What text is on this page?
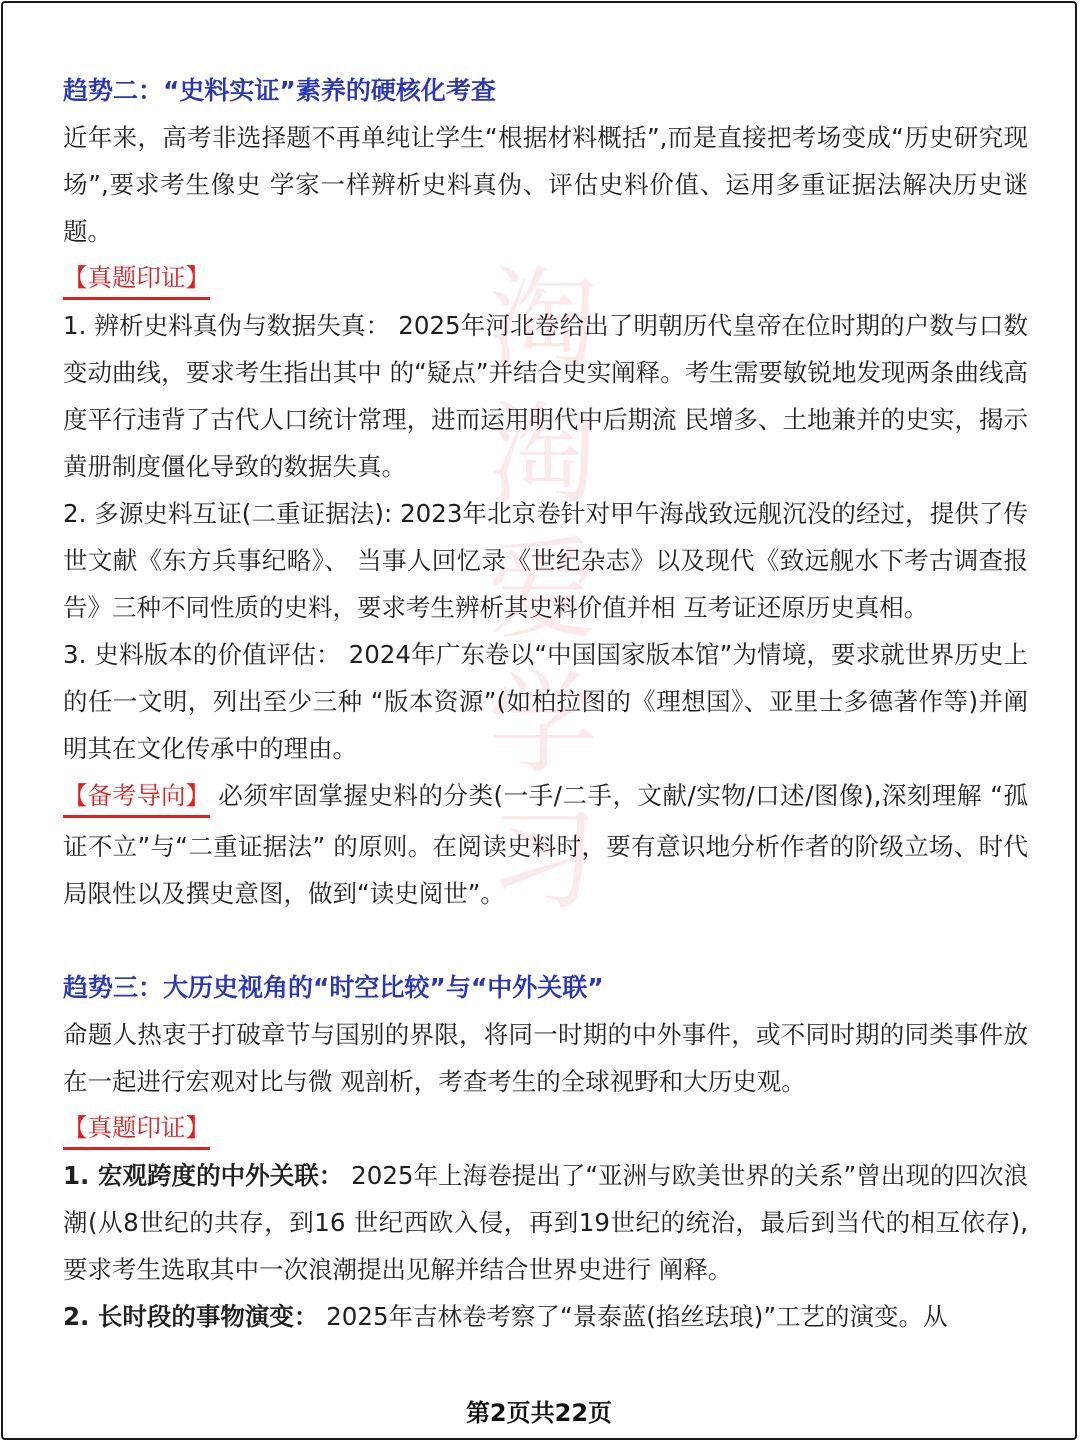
淘
淘
爱
学
习
趋势二：“史料实证”素养的硬核化考查

近年来，高考非选择题不再单纯让学生“根据材料概括”,而是直接把考场变成“历史研究现场”,要求考生像史 学家一样辨析史料真伪、评估史料价值、运用多重证据法解决历史谜题。

【真题印证】

1. 辨析史料真伪与数据失真： 2025年河北卷给出了明朝历代皇帝在位时期的户数与口数变动曲线，要求考生指出其中 的“疑点”并结合史实阐释。考生需要敏锐地发现两条曲线高度平行违背了古代人口统计常理，进而运用明代中后期流 民增多、土地兼并的史实，揭示黄册制度僵化导致的数据失真。

2. 多源史料互证(二重证据法): 2023年北京卷针对甲午海战致远舰沉没的经过，提供了传世文献《东方兵事纪略》、 当事人回忆录《世纪杂志》以及现代《致远舰水下考古调查报告》三种不同性质的史料，要求考生辨析其史料价值并相 互考证还原历史真相。

3. 史料版本的价值评估： 2024年广东卷以“中国国家版本馆”为情境，要求就世界历史上的任一文明，列出至少三种 “版本资源”(如柏拉图的《理想国》、亚里士多德著作等)并阐明其在文化传承中的理由。

【备考导向】 必须牢固掌握史料的分类(一手/二手，文献/实物/口述/图像),深刻理解 “孤证不立”与“二重证据法” 的原则。在阅读史料时，要有意识地分析作者的阶级立场、时代局限性以及撰史意图，做到“读史阅世”。

趋势三：大历史视角的“时空比较”与“中外关联”

命题人热衷于打破章节与国别的界限，将同一时期的中外事件，或不同时期的同类事件放在一起进行宏观对比与微 观剖析，考查考生的全球视野和大历史观。

【真题印证】

1. 宏观跨度的中外关联： 2025年上海卷提出了“亚洲与欧美世界的关系”曾出现的四次浪潮(从8世纪的共存，到16 世纪西欧入侵，再到19世纪的统治，最后到当代的相互依存),要求考生选取其中一次浪潮提出见解并结合世界史进行 阐释。

2. 长时段的事物演变： 2025年吉林卷考察了“景泰蓝(掐丝珐琅)”工艺的演变。从

第2页共22页
